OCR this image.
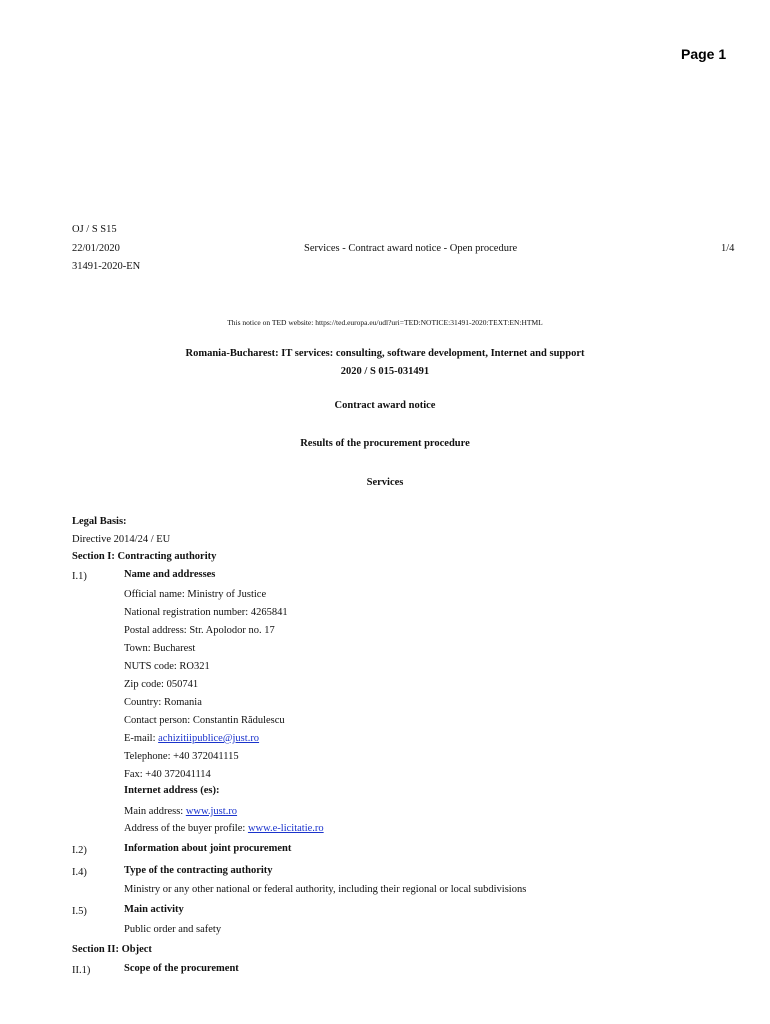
Page 1
OJ / S S15
22/01/2020	Services - Contract award notice - Open procedure	1/4
31491-2020-EN
This notice on TED website: https://ted.europa.eu/udl?uri=TED:NOTICE:31491-2020:TEXT:EN:HTML
Romania-Bucharest: IT services: consulting, software development, Internet and support
2020 / S 015-031491
Contract award notice
Results of the procurement procedure
Services
Legal Basis:
Directive 2014/24 / EU
Section I: Contracting authority
I.1)	Name and addresses
Official name: Ministry of Justice
National registration number: 4265841
Postal address: Str. Apolodor no. 17
Town: Bucharest
NUTS code: RO321
Zip code: 050741
Country: Romania
Contact person: Constantin Rădulescu
E-mail: achizitiipublice@just.ro
Telephone: +40 372041115
Fax: +40 372041114
Internet address (es):
Main address: www.just.ro
Address of the buyer profile: www.e-licitatie.ro
I.2)	Information about joint procurement
I.4)	Type of the contracting authority
Ministry or any other national or federal authority, including their regional or local subdivisions
I.5)	Main activity
Public order and safety
Section II: Object
II.1)	Scope of the procurement
